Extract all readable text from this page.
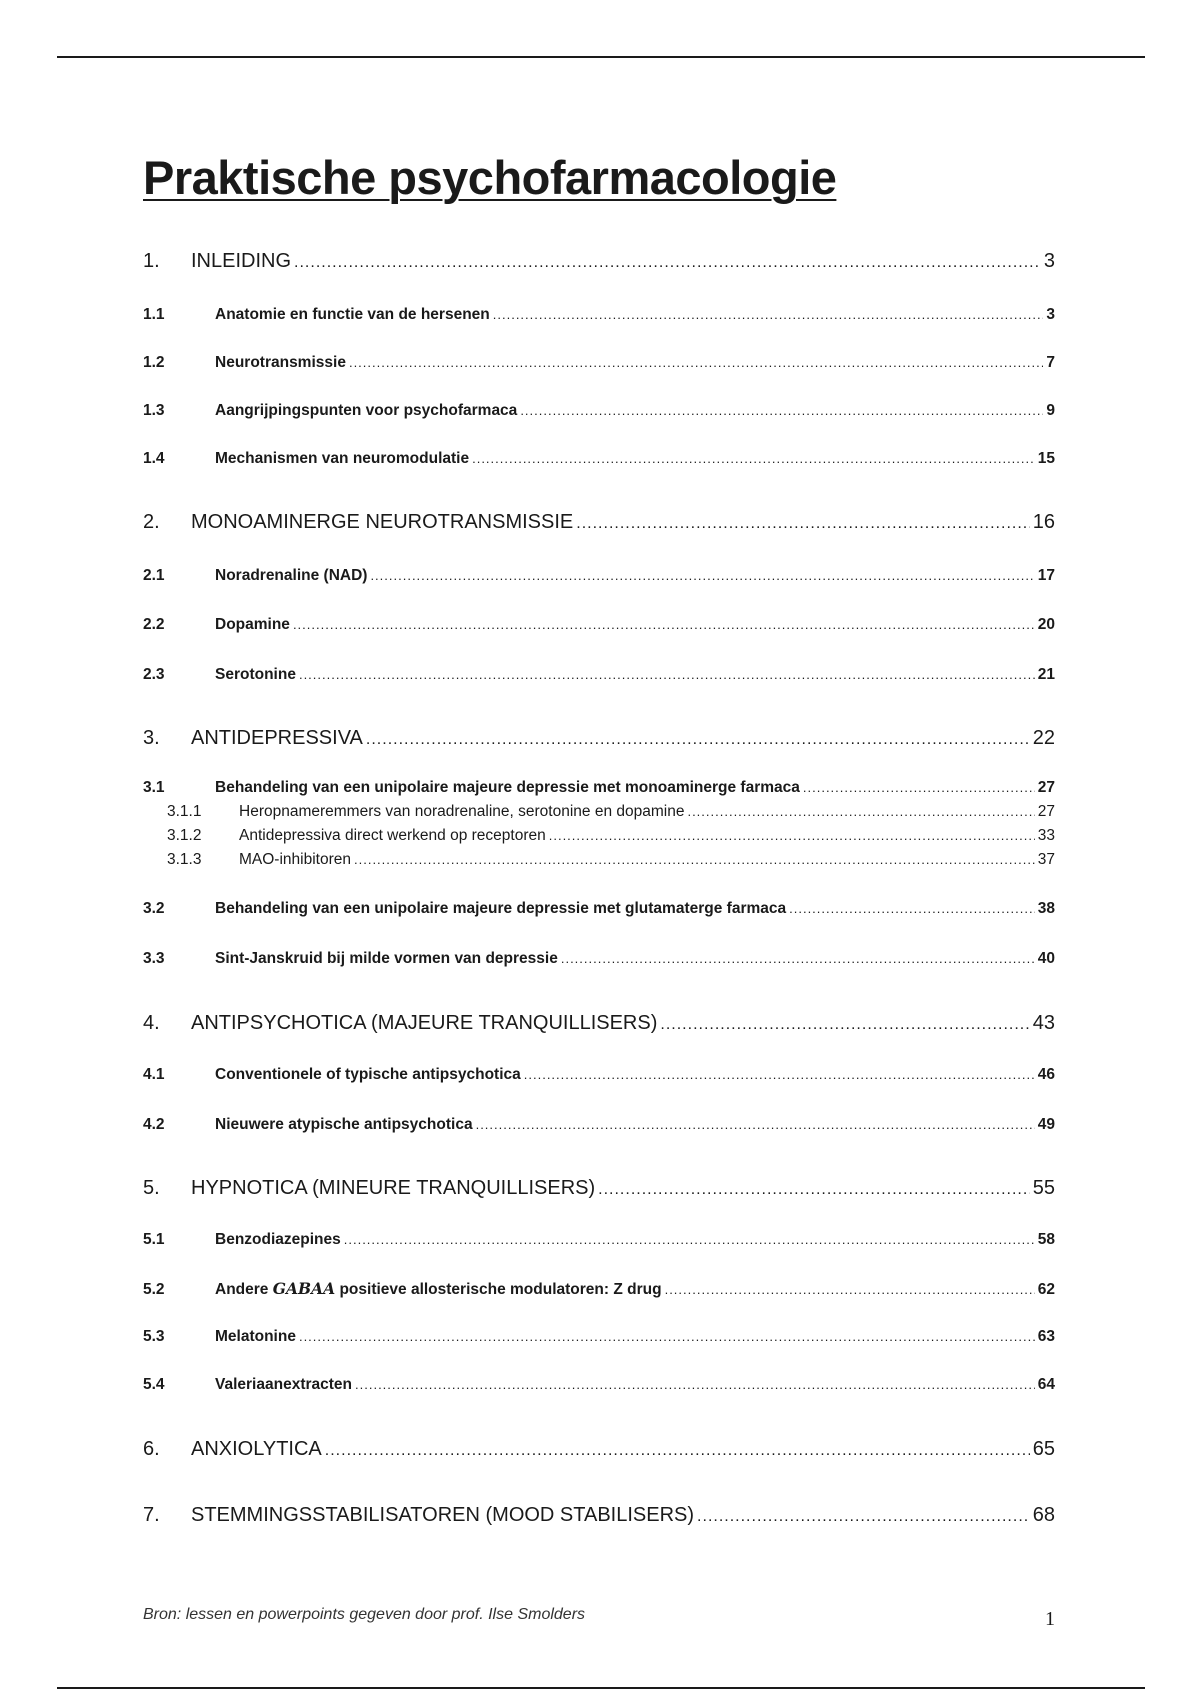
Praktische psychofarmacologie
1.	INLEIDING .....	3
1.1	Anatomie en functie van de hersenen .....	3
1.2	Neurotransmissie .....	7
1.3	Aangrijpingspunten voor psychofarmaca .....	9
1.4	Mechanismen van neuromodulatie .....	15
2.	MONOAMINERGE NEUROTRANSMISSIE .....	16
2.1	Noradrenaline (NAD) .....	17
2.2	Dopamine .....	20
2.3	Serotonine .....	21
3.	ANTIDEPRESSIVA .....	22
3.1	Behandeling van een unipolaire majeure depressie met monoaminerge farmaca .....	27
3.1.1	Heropnameremmers van noradrenaline, serotonine en dopamine .....	27
3.1.2	Antidepressiva direct werkend op receptoren .....	33
3.1.3	MAO-inhibitoren .....	37
3.2	Behandeling van een unipolaire majeure depressie met glutamaterge farmaca .....	38
3.3	Sint-Janskruid bij milde vormen van depressie .....	40
4.	ANTIPSYCHOTICA (MAJEURE TRANQUILLISERS) .....	43
4.1	Conventionele of typische antipsychotica .....	46
4.2	Nieuwere atypische antipsychotica .....	49
5.	HYPNOTICA (MINEURE TRANQUILLISERS) .....	55
5.1	Benzodiazepines .....	58
5.2	Andere GABAA positieve allosterische modulatoren: Z drug .....	62
5.3	Melatonine .....	63
5.4	Valeriaanextracten .....	64
6.	ANXIOLYTICA .....	65
7.	STEMMINGSSTABILISATOREN (MOOD STABILISERS) .....	68
Bron: lessen en powerpoints gegeven door prof. Ilse Smolders	1
